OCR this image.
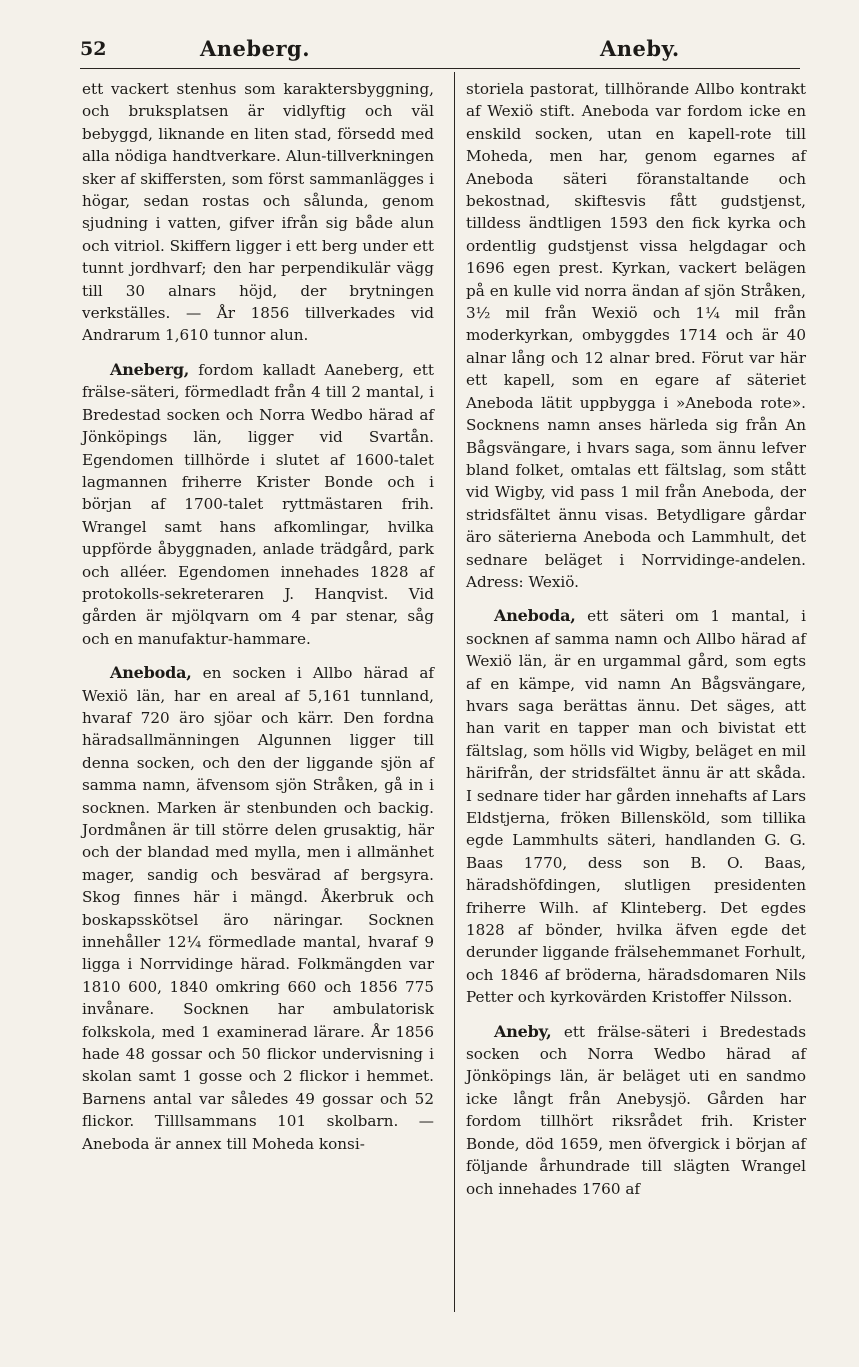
52	Aneberg.	Aneby.

ett vackert stenhus som karaktersbyggning, och bruksplatsen är vidlyftig och väl bebyggd, liknande en liten stad, försedd med alla nödiga handtverkare. Alun-tillverkningen sker af skiffersten, som först sammanlägges i högar, sedan rostas och sålunda, genom sjudning i vatten, gifver ifrån sig både alun och vitriol. Skiffern ligger i ett berg under ett tunnt jordhvarf; den har perpendikulär vägg till 30 alnars höjd, der brytningen verkställes. — År 1856 tillverkades vid Andrarum 1,610 tunnor alun.

Aneberg, fordom kalladt Aaneberg, ett frälse-säteri, förmedladt från 4 till 2 mantal, i Bredestad socken och Norra Wedbo härad af Jönköpings län, ligger vid Svartån. Egendomen tillhörde i slutet af 1600-talet lagmannen friherre Krister Bonde och i början af 1700-talet ryttmästaren frih. Wrangel samt hans afkomlingar, hvilka uppförde åbyggnaden, anlade trädgård, park och alléer. Egendomen innehades 1828 af protokolls-sekreteraren J. Hanqvist. Vid gården är mjölqvarn om 4 par stenar, såg och en manufaktur-hammare.

Aneboda, en socken i Allbo härad af Wexiö län, har en areal af 5,161 tunnland, hvaraf 720 äro sjöar och kärr. Den fordna häradsallmänningen Algunnen ligger till denna socken, och den der liggande sjön af samma namn, äfvensom sjön Stråken, gå in i socknen. Marken är stenbunden och backig. Jordmånen är till större delen grusaktig, här och der blandad med mylla, men i allmänhet mager, sandig och besvärad af bergsyra. Skog finnes här i mängd. Åkerbruk och boskapsskötsel äro näringar. Socknen innehåller 12¼ förmedlade mantal, hvaraf 9 ligga i Norrvidinge härad. Folkmängden var 1810 600, 1840 omkring 660 och 1856 775 invånare. Socknen har ambulatorisk folkskola, med 1 examinerad lärare. År 1856 hade 48 gossar och 50 flickor undervisning i skolan samt 1 gosse och 2 flickor i hemmet. Barnens antal var således 49 gossar och 52 flickor. Tilllsammans 101 skolbarn. — Aneboda är annex till Moheda konsi-

storiela pastorat, tillhörande Allbo kontrakt af Wexiö stift. Aneboda var fordom icke en enskild socken, utan en kapell-rote till Moheda, men har, genom egarnes af Aneboda säteri föranstaltande och bekostnad, skiftesvis fått gudstjenst, tilldess ändtligen 1593 den fick kyrka och ordentlig gudstjenst vissa helgdagar och 1696 egen prest. Kyrkan, vackert belägen på en kulle vid norra ändan af sjön Stråken, 3½ mil från Wexiö och 1¼ mil från moderkyrkan, ombyggdes 1714 och är 40 alnar lång och 12 alnar bred. Förut var här ett kapell, som en egare af säteriet Aneboda lätit uppbygga i »Aneboda rote». Socknens namn anses härleda sig från An Bågsvängare, i hvars saga, som ännu lefver bland folket, omtalas ett fältslag, som stått vid Wigby, vid pass 1 mil från Aneboda, der stridsfältet ännu visas. Betydligare gårdar äro säterierna Aneboda och Lammhult, det sednare beläget i Norrvidinge-andelen. Adress: Wexiö.

Aneboda, ett säteri om 1 mantal, i socknen af samma namn och Allbo härad af Wexiö län, är en urgammal gård, som egts af en kämpe, vid namn An Bågsvängare, hvars saga berättas ännu. Det säges, att han varit en tapper man och bivistat ett fältslag, som hölls vid Wigby, beläget en mil härifrån, der stridsfältet ännu är att skåda. I sednare tider har gården innehafts af Lars Eldstjerna, fröken Billensköld, som tillika egde Lammhults säteri, handlanden G. G. Baas 1770, dess son B. O. Baas, häradshöfdingen, slutligen presidenten friherre Wilh. af Klinteberg. Det egdes 1828 af bönder, hvilka äfven egde det derunder liggande frälsehemmanet Forhult, och 1846 af bröderna, häradsdomaren Nils Petter och kyrkovärden Kristoffer Nilsson.

Aneby, ett frälse-säteri i Bredestads socken och Norra Wedbo härad af Jönköpings län, är beläget uti en sandmo icke långt från Anebysjö. Gården har fordom tillhört riksrådet frih. Krister Bonde, död 1659, men öfvergick i början af följande århundrade till slägten Wrangel och innehades 1760 af
